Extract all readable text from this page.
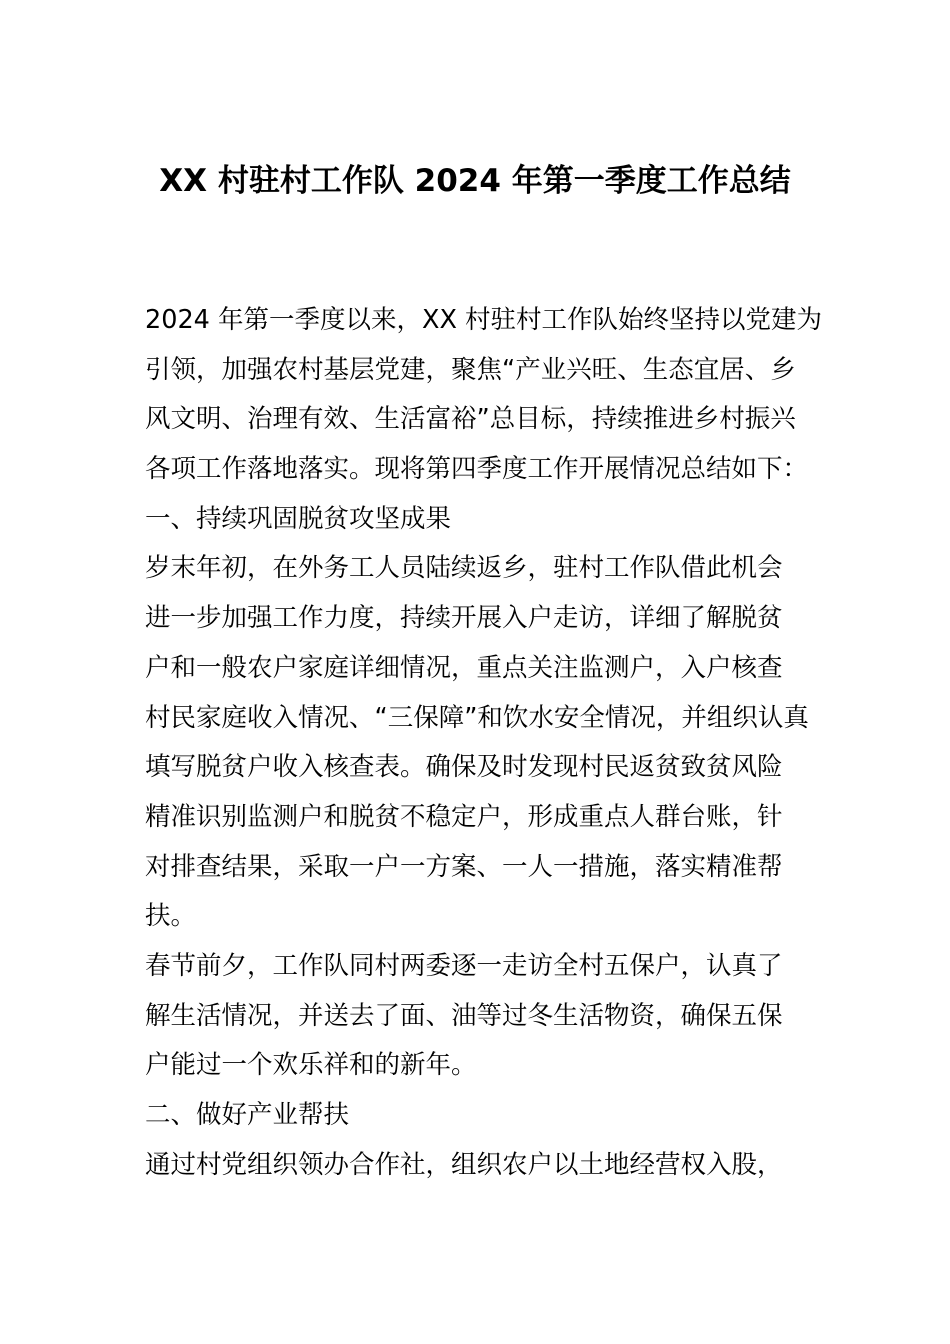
XX 村驻村工作队 2024 年第一季度工作总结
2024 年第一季度以来，XX 村驻村工作队始终坚持以党建为
引领，加强农村基层党建，聚焦“产业兴旺、生态宜居、乡
风文明、治理有效、生活富裕”总目标，持续推进乡村振兴
各项工作落地落实。现将第四季度工作开展情况总结如下：
一、持续巩固脱贫攻坚成果
岁末年初，在外务工人员陆续返乡，驻村工作队借此机会
进一步加强工作力度，持续开展入户走访，详细了解脱贫
户和一般农户家庭详细情况，重点关注监测户，入户核查
村民家庭收入情况、“三保障”和饮水安全情况，并组织认真
填写脱贫户收入核查表。确保及时发现村民返贫致贫风险
精准识别监测户和脱贫不稳定户，形成重点人群台账，针
对排查结果，采取一户一方案、一人一措施，落实精准帮
扶。
春节前夕，工作队同村两委逐一走访全村五保户，认真了
解生活情况，并送去了面、油等过冬生活物资，确保五保
户能过一个欢乐祥和的新年。
二、做好产业帮扶
通过村党组织领办合作社，组织农户以土地经营权入股，
